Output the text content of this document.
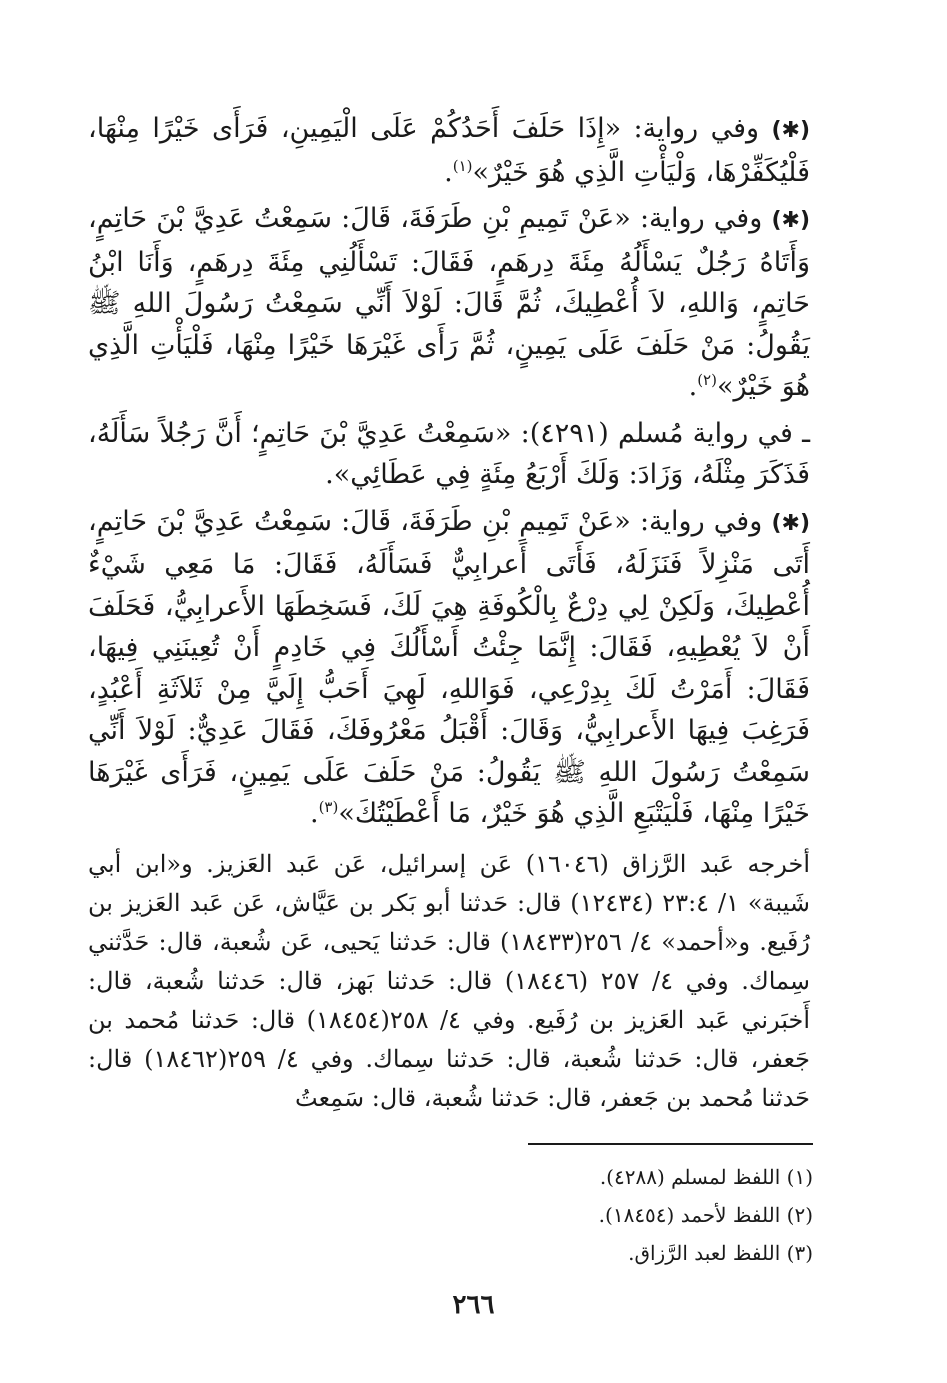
(✱) وفي رواية: «إِذَا حَلَفَ أَحَدُكُمْ عَلَى الْيَمِينِ، فَرَأَى خَيْرًا مِنْهَا، فَلْيُكَفِّرْهَا، وَلْيَأْتِ الَّذِي هُوَ خَيْرٌ»$^{(١)}$.

(✱) وفي رواية: «عَنْ تَمِيمِ بْنِ طَرَفَةَ، قَالَ: سَمِعْتُ عَدِيَّ بْنَ حَاتِمٍ، وَأَتَاهُ رَجُلٌ يَسْأَلُهُ مِئَةَ دِرهَمٍ، فَقَالَ: تَسْأَلُنِي مِئَةَ دِرهَمٍ، وَأَنَا ابْنُ حَاتِمٍ، وَاللهِ، لاَ أُعْطِيكَ، ثُمَّ قَالَ: لَوْلاَ أَنِّي سَمِعْتُ رَسُولَ اللهِ ﷺ يَقُولُ: مَنْ حَلَفَ عَلَى يَمِينٍ، ثُمَّ رَأَى غَيْرَهَا خَيْرًا مِنْهَا، فَلْيَأْتِ الَّذِي هُوَ خَيْرٌ»$^{(٢)}$.

ـ في رواية مُسلم (٤٢٩١): «سَمِعْتُ عَدِيَّ بْنَ حَاتِمٍ؛ أَنَّ رَجُلاً سَأَلَهُ، فَذَكَرَ مِثْلَهُ، وَزَادَ: وَلَكَ أَرْبَعُ مِئَةٍ فِي عَطَائِي».

(✱) وفي رواية: «عَنْ تَمِيمِ بْنِ طَرَفَةَ، قَالَ: سَمِعْتُ عَدِيَّ بْنَ حَاتِمٍ، أَتَى مَنْزِلاً فَنَزَلَهُ، فَأَتَى أَعرابِيٌّ فَسَأَلَهُ، فَقَالَ: مَا مَعِي شَيْءٌ أُعْطِيكَ، وَلَكِنْ لِي دِرْعٌ بِالْكُوفَةِ هِيَ لَكَ، فَسَخِطَهَا الأَعرابِيُّ، فَحَلَفَ أَنْ لاَ يُعْطِيهِ، فَقَالَ: إِنَّمَا جِئْتُ أَسْأَلُكَ فِي خَادِمٍ أَنْ تُعِينَنِي فِيهَا، فَقَالَ: أَمَرْتُ لَكَ بِدِرْعِي، فَوَاللهِ، لَهِيَ أَحَبُّ إِلَيَّ مِنْ ثَلاَثَةِ أَعْبُدٍ، فَرَغِبَ فِيهَا الأَعرابِيُّ، وَقَالَ: أَقْبَلُ مَعْرُوفَكَ، فَقَالَ عَدِيٌّ: لَوْلاَ أَنِّي سَمِعْتُ رَسُولَ اللهِ ﷺ يَقُولُ: مَنْ حَلَفَ عَلَى يَمِينٍ، فَرَأَى غَيْرَهَا خَيْرًا مِنْهَا، فَلْيَتْبَعِ الَّذِي هُوَ خَيْرٌ، مَا أَعْطَيْتُكَ»$^{(٣)}$.

أخرجه عَبد الرَّزاق (١٦٠٤٦) عَن إسرائيل، عَن عَبد العَزيز. و«ابن أبي شَيبة» ١/ ٢٣:٤ (١٢٤٣٤) قال: حَدثنا أبو بَكر بن عَيَّاش، عَن عَبد العَزيز بن رُفَيع. و«أحمد» ٤/ ٢٥٦(١٨٤٣٣) قال: حَدثنا يَحيى، عَن شُعبة، قال: حَدَّثني سِماك. وفي ٤/ ٢٥٧ (١٨٤٤٦) قال: حَدثنا بَهز، قال: حَدثنا شُعبة، قال: أَخبَرني عَبد العَزيز بن رُفَيع. وفي ٤/ ٢٥٨(١٨٤٥٤) قال: حَدثنا مُحمد بن جَعفر، قال: حَدثنا شُعبة، قال: حَدثنا سِماك. وفي ٤/ ٢٥٩(١٨٤٦٢) قال: حَدثنا مُحمد بن جَعفر، قال: حَدثنا شُعبة، قال: سَمِعتُ

(١) اللفظ لمسلم (٤٢٨٨).
(٢) اللفظ لأحمد (١٨٤٥٤).
(٣) اللفظ لعبد الرَّزاق.
٢٦٦
